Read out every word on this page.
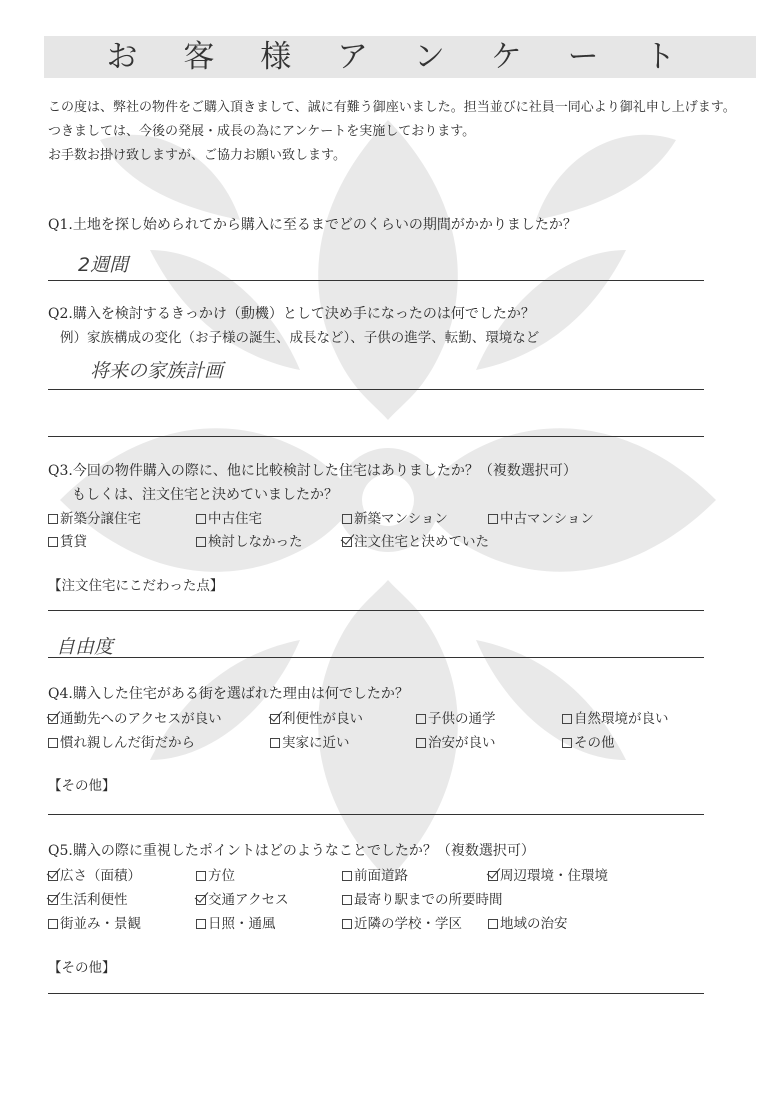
お 客 様 ア ン ケ ー ト
この度は、弊社の物件をご購入頂きまして、誠に有難う御座いました。担当並びに社員一同心より御礼申し上げます。
つきましては、今後の発展・成長の為にアンケートを実施しております。
お手数お掛け致しますが、ご協力お願い致します。
Q1.土地を探し始められてから購入に至るまでどのくらいの期間がかかりましたか？
2週間
Q2.購入を検討するきっかけ（動機）として決め手になったのは何でしたか？
例）家族構成の変化（お子様の誕生、成長など）、子供の進学、転勤、環境など
将来の家族計画
Q3.今回の物件購入の際に、他に比較検討した住宅はありましたか？（複数選択可）
もしくは、注文住宅と決めていましたか？
新築分譲住宅	中古住宅	新築マンション	中古マンション
賃貸	検討しなかった	注文住宅と決めていた
【注文住宅にこだわった点】
自由度
Q4.購入した住宅がある街を選ばれた理由は何でしたか？
通勤先へのアクセスが良い	利便性が良い	子供の通学	自然環境が良い
慣れ親しんだ街だから	実家に近い	治安が良い	その他
【その他】
Q5.購入の際に重視したポイントはどのようなことでしたか？（複数選択可）
広さ（面積）	方位	前面道路	周辺環境・住環境
生活利便性	交通アクセス	最寄り駅までの所要時間
街並み・景観	日照・通風	近隣の学校・学区	地域の治安
【その他】
